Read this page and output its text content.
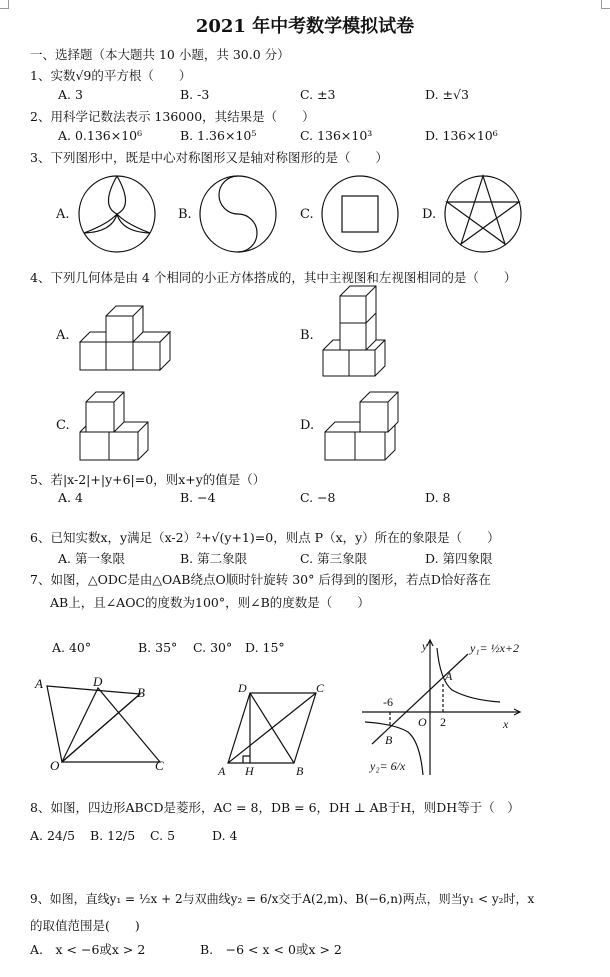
2021 年中考数学模拟试卷
一、选择题（本大题共 10 小题，共 30.0 分）
1、实数√9的平方根（　　）
A. 3	B. -3	C. ±3	D. ±√3
2、用科学记数法表示 136000，其结果是（　　）
A. 0.136×10⁶	B. 1.36×10⁵	C. 136×10³	D. 136×10⁶
3、下列图形中，既是中心对称图形又是轴对称图形的是（　　）
A.	B.	C.	D.
4、下列几何体是由 4 个相同的小正方体搭成的，其中主视图和左视图相同的是（　　）
A.	B.
C.	D.
5、若|x-2|+|y+6|=0，则x+y的值是（）
A. 4	B. −4	C. −8	D. 8
6、已知实数x，y满足（x-2）²+√(y+1)=0，则点 P（x，y）所在的象限是（　　）
A. 第一象限	B. 第二象限	C. 第三象限	D. 第四象限
7、如图，△ODC是由△OAB绕点O顺时针旋转 30° 后得到的图形，若点D恰好落在
AB上，且∠AOC的度数为100°，则∠B的度数是（　　）
A. 40°	B. 35° C. 30° D. 15°
A	D
B
O	C
D	C
A H	B
y
x
O
A
B
-6
2
y₁= ½x+2
y₂= 6/x
8、如图，四边形ABCD是菱形，AC = 8，DB = 6，DH ⊥ AB于H，则DH等于（　）
A. 24/5 B. 12/5 C. 5	D. 4
9、如图，直线y₁ = ½x + 2与双曲线y₂ = 6/x交于A(2,m)、B(−6,n)两点，则当y₁ < y₂时，x
的取值范围是(　　)
A.　x < −6或x > 2	B.　−6 < x < 0或x > 2
